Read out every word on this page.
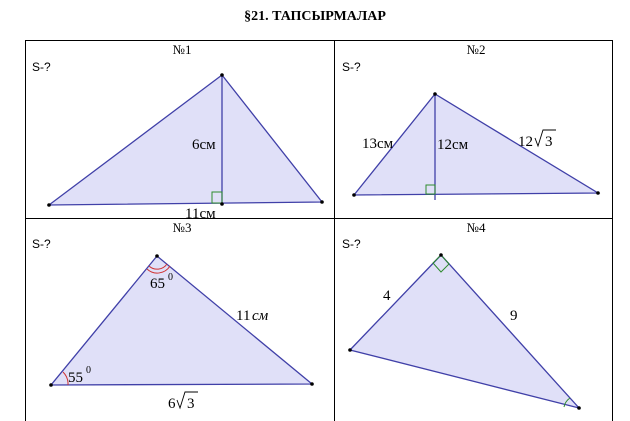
§21. ТАПСЫРМАЛАР
№1	№2
№3	№4
S-?	S-?
S-?	S-?
6см
11см
13см	12см	12 3
65 0
55 0
11 см
6 3
4
9
